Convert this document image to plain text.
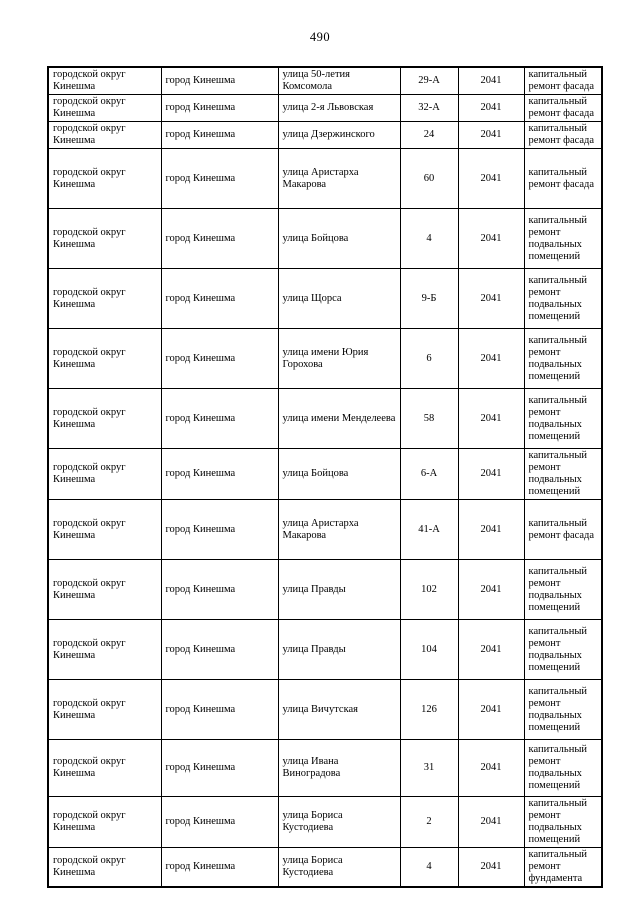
490
городской округ Кинешма	город Кинешма	улица 50-летия Комсомола	29-А	2041	капитальный ремонт фасада
городской округ Кинешма	город Кинешма	улица 2-я Львовская	32-А	2041	капитальный ремонт фасада
городской округ Кинешма	город Кинешма	улица Дзержинского	24	2041	капитальный ремонт фасада
городской округ Кинешма	город Кинешма	улица Аристарха Макарова	60	2041	капитальный ремонт фасада
городской округ Кинешма	город Кинешма	улица Бойцова	4	2041	капитальный ремонт подвальных помещений
городской округ Кинешма	город Кинешма	улица Щорса	9-Б	2041	капитальный ремонт подвальных помещений
городской округ Кинешма	город Кинешма	улица имени Юрия Горохова	6	2041	капитальный ремонт подвальных помещений
городской округ Кинешма	город Кинешма	улица имени Менделеева	58	2041	капитальный ремонт подвальных помещений
городской округ Кинешма	город Кинешма	улица Бойцова	6-А	2041	капитальный ремонт подвальных помещений
городской округ Кинешма	город Кинешма	улица Аристарха Макарова	41-А	2041	капитальный ремонт фасада
городской округ Кинешма	город Кинешма	улица Правды	102	2041	капитальный ремонт подвальных помещений
городской округ Кинешма	город Кинешма	улица Правды	104	2041	капитальный ремонт подвальных помещений
городской округ Кинешма	город Кинешма	улица Вичутская	126	2041	капитальный ремонт подвальных помещений
городской округ Кинешма	город Кинешма	улица Ивана Виноградова	31	2041	капитальный ремонт подвальных помещений
городской округ Кинешма	город Кинешма	улица Бориса Кустодиева	2	2041	капитальный ремонт подвальных помещений
городской округ Кинешма	город Кинешма	улица Бориса Кустодиева	4	2041	капитальный ремонт фундамента
